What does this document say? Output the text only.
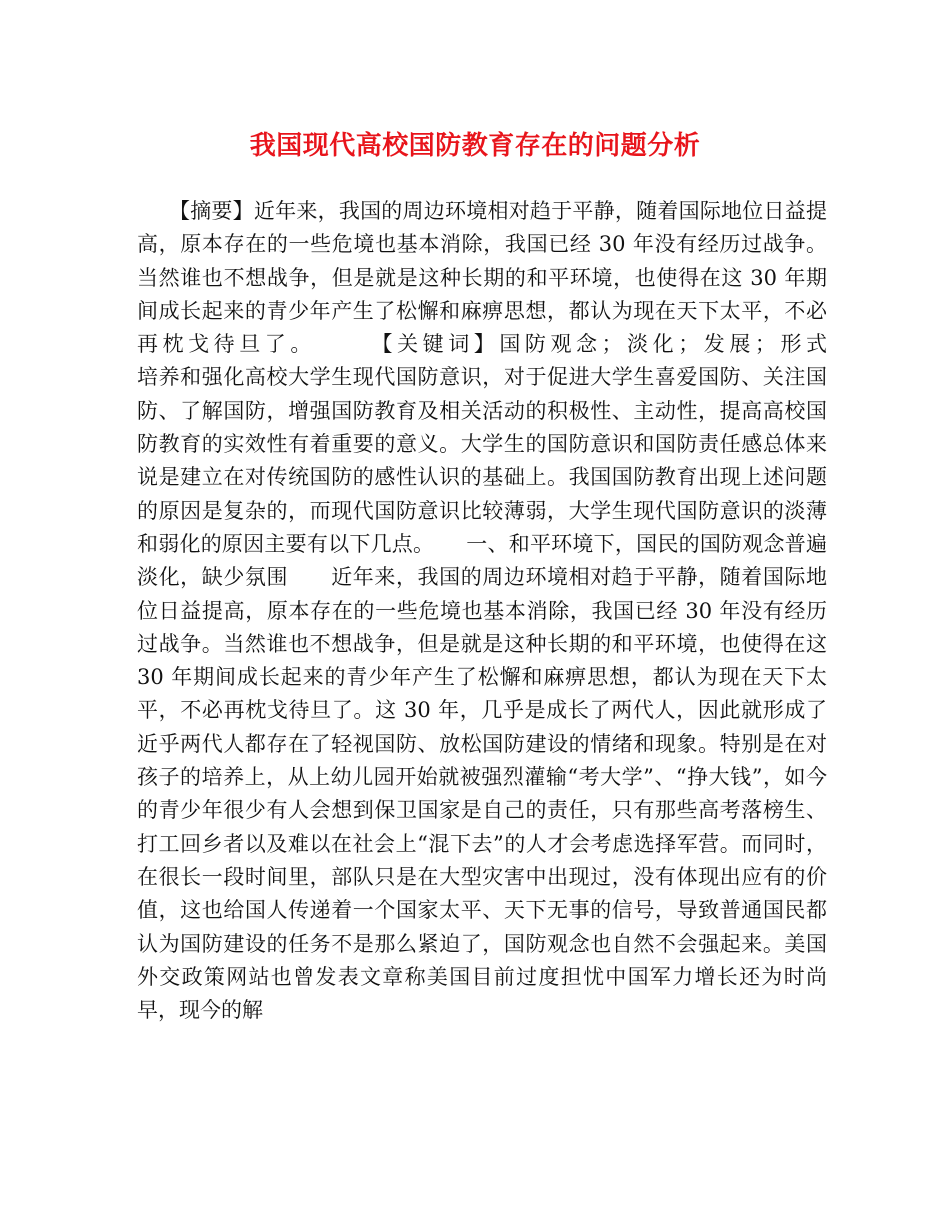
我国现代高校国防教育存在的问题分析

　　【摘要】近年来，我国的周边环境相对趋于平静，随着国际地位日益提高，原本存在的一些危境也基本消除，我国已经 30 年没有经历过战争。当然谁也不想战争，但是就是这种长期的和平环境，也使得在这 30 年期间成长起来的青少年产生了松懈和麻痹思想，都认为现在天下太平，不必再枕戈待旦了。　　　【关键词】国防观念；淡化；发展；形式　　　　　培养和强化高校大学生现代国防意识，对于促进大学生喜爱国防、关注国防、了解国防，增强国防教育及相关活动的积极性、主动性，提高高校国防教育的实效性有着重要的意义。大学生的国防意识和国防责任感总体来说是建立在对传统国防的感性认识的基础上。我国国防教育出现上述问题的原因是复杂的，而现代国防意识比较薄弱，大学生现代国防意识的淡薄和弱化的原因主要有以下几点。　　一、和平环境下，国民的国防观念普遍淡化，缺少氛围　　近年来，我国的周边环境相对趋于平静，随着国际地位日益提高，原本存在的一些危境也基本消除，我国已经 30 年没有经历过战争。当然谁也不想战争，但是就是这种长期的和平环境，也使得在这 30 年期间成长起来的青少年产生了松懈和麻痹思想，都认为现在天下太平，不必再枕戈待旦了。这 30 年，几乎是成长了两代人，因此就形成了近乎两代人都存在了轻视国防、放松国防建设的情绪和现象。特别是在对孩子的培养上，从上幼儿园开始就被强烈灌输“考大学”、“挣大钱”，如今的青少年很少有人会想到保卫国家是自己的责任，只有那些高考落榜生、打工回乡者以及难以在社会上“混下去”的人才会考虑选择军营。而同时，在很长一段时间里，部队只是在大型灾害中出现过，没有体现出应有的价值，这也给国人传递着一个国家太平、天下无事的信号，导致普通国民都认为国防建设的任务不是那么紧迫了，国防观念也自然不会强起来。美国外交政策网站也曾发表文章称美国目前过度担忧中国军力增长还为时尚早，现今的解
